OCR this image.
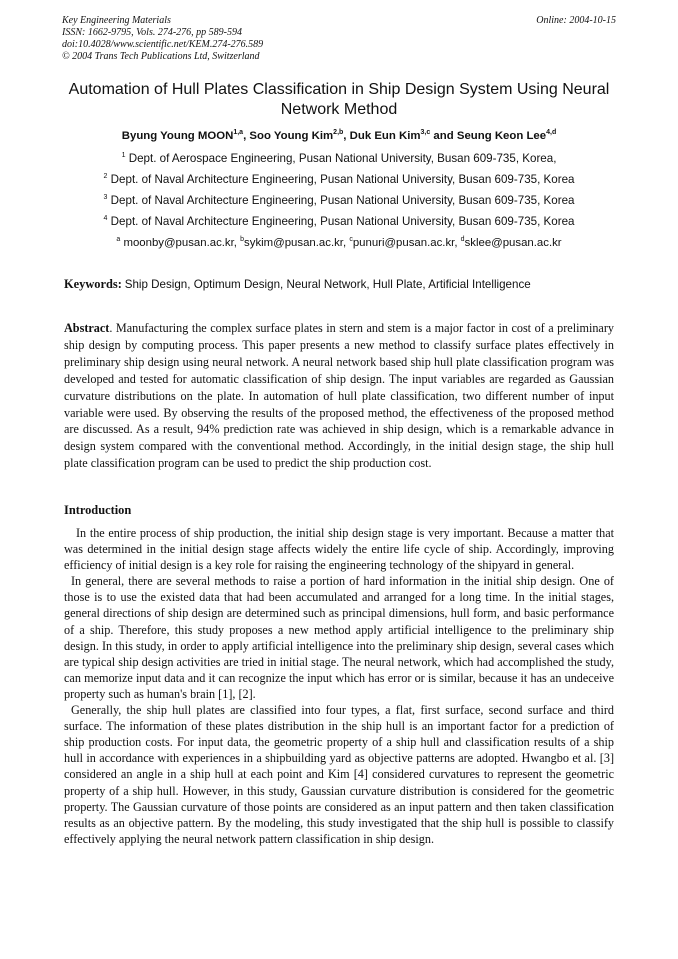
Key Engineering Materials
ISSN: 1662-9795, Vols. 274-276, pp 589-594
doi:10.4028/www.scientific.net/KEM.274-276.589
© 2004 Trans Tech Publications Ltd, Switzerland
Online: 2004-10-15
Automation of Hull Plates Classification in Ship Design System Using Neural Network Method
Byung Young MOON$^{1,a}$, Soo Young Kim$^{2,b}$, Duk Eun Kim$^{3,c}$ and Seung Keon Lee$^{4,d}$
$^1$ Dept. of Aerospace Engineering, Pusan National University, Busan 609-735, Korea,
$^2$ Dept. of Naval Architecture Engineering, Pusan National University, Busan 609-735, Korea
$^3$ Dept. of Naval Architecture Engineering, Pusan National University, Busan 609-735, Korea
$^4$ Dept. of Naval Architecture Engineering, Pusan National University, Busan 609-735, Korea
$^a$ moonby@pusan.ac.kr, $^b$sykim@pusan.ac.kr, $^c$punuri@pusan.ac.kr, $^d$sklee@pusan.ac.kr
Keywords: Ship Design, Optimum Design, Neural Network, Hull Plate, Artificial Intelligence
Abstract. Manufacturing the complex surface plates in stern and stem is a major factor in cost of a preliminary ship design by computing process. This paper presents a new method to classify surface plates effectively in preliminary ship design using neural network. A neural network based ship hull plate classification program was developed and tested for automatic classification of ship design. The input variables are regarded as Gaussian curvature distributions on the plate. In automation of hull plate classification, two different number of input variable were used. By observing the results of the proposed method, the effectiveness of the proposed method are discussed. As a result, 94% prediction rate was achieved in ship design, which is a remarkable advance in design system compared with the conventional method. Accordingly, in the initial design stage, the ship hull plate classification program can be used to predict the ship production cost.
Introduction

In the entire process of ship production, the initial ship design stage is very important. Because a matter that was determined in the initial design stage affects widely the entire life cycle of ship. Accordingly, improving efficiency of initial design is a key role for raising the engineering technology of the shipyard in general.

In general, there are several methods to raise a portion of hard information in the initial ship design. One of those is to use the existed data that had been accumulated and arranged for a long time. In the initial stages, general directions of ship design are determined such as principal dimensions, hull form, and basic performance of a ship. Therefore, this study proposes a new method apply artificial intelligence to the preliminary ship design. In this study, in order to apply artificial intelligence into the preliminary ship design, several cases which are typical ship design activities are tried in initial stage. The neural network, which had accomplished the study, can memorize input data and it can recognize the input which has error or is similar, because it has an undeceive property such as human's brain [1], [2].

Generally, the ship hull plates are classified into four types, a flat, first surface, second surface and third surface. The information of these plates distribution in the ship hull is an important factor for a prediction of ship production costs. For input data, the geometric property of a ship hull and classification results of a ship hull in accordance with experiences in a shipbuilding yard as objective patterns are adopted. Hwangbo et al. [3] considered an angle in a ship hull at each point and Kim [4] considered curvatures to represent the geometric property of a ship hull. However, in this study, Gaussian curvature distribution is considered for the geometric property. The Gaussian curvature of those points are considered as an input pattern and then taken classification results as an objective pattern. By the modeling, this study investigated that the ship hull is possible to classify effectively applying the neural network pattern classification in ship design.
